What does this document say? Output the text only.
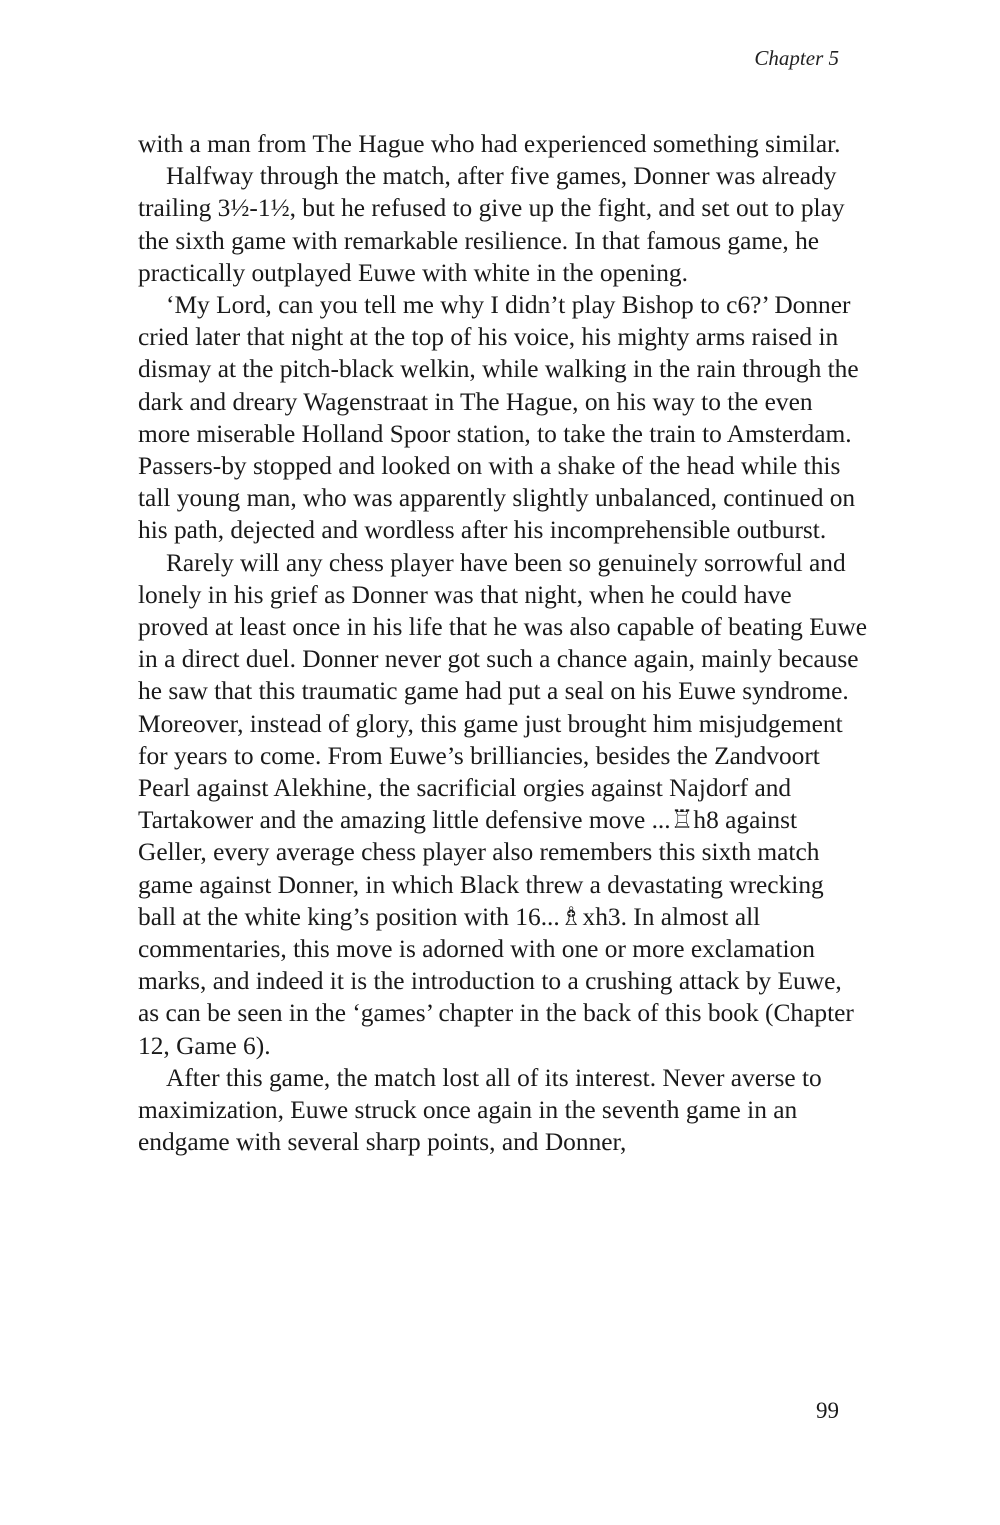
Chapter 5

with a man from The Hague who had experienced something similar.

Halfway through the match, after five games, Donner was already trailing 3½-1½, but he refused to give up the fight, and set out to play the sixth game with remarkable resilience. In that famous game, he practically outplayed Euwe with white in the opening.

‘My Lord, can you tell me why I didn’t play Bishop to c6?’ Donner cried later that night at the top of his voice, his mighty arms raised in dismay at the pitch-black welkin, while walking in the rain through the dark and dreary Wagenstraat in The Hague, on his way to the even more miserable Holland Spoor station, to take the train to Amsterdam. Passers-by stopped and looked on with a shake of the head while this tall young man, who was apparently slightly unbalanced, continued on his path, dejected and wordless after his incomprehensible outburst.

Rarely will any chess player have been so genuinely sorrowful and lonely in his grief as Donner was that night, when he could have proved at least once in his life that he was also capable of beating Euwe in a direct duel. Donner never got such a chance again, mainly because he saw that this traumatic game had put a seal on his Euwe syndrome. Moreover, instead of glory, this game just brought him misjudgement for years to come. From Euwe’s brilliancies, besides the Zandvoort Pearl against Alekhine, the sacrificial orgies against Najdorf and Tartakower and the amazing little defensive move ...♖h8 against Geller, every average chess player also remembers this sixth match game against Donner, in which Black threw a devastating wrecking ball at the white king’s position with 16...♗xh3. In almost all commentaries, this move is adorned with one or more exclamation marks, and indeed it is the introduction to a crushing attack by Euwe, as can be seen in the ‘games’ chapter in the back of this book (Chapter 12, Game 6).

After this game, the match lost all of its interest. Never averse to maximization, Euwe struck once again in the seventh game in an endgame with several sharp points, and Donner,

99
